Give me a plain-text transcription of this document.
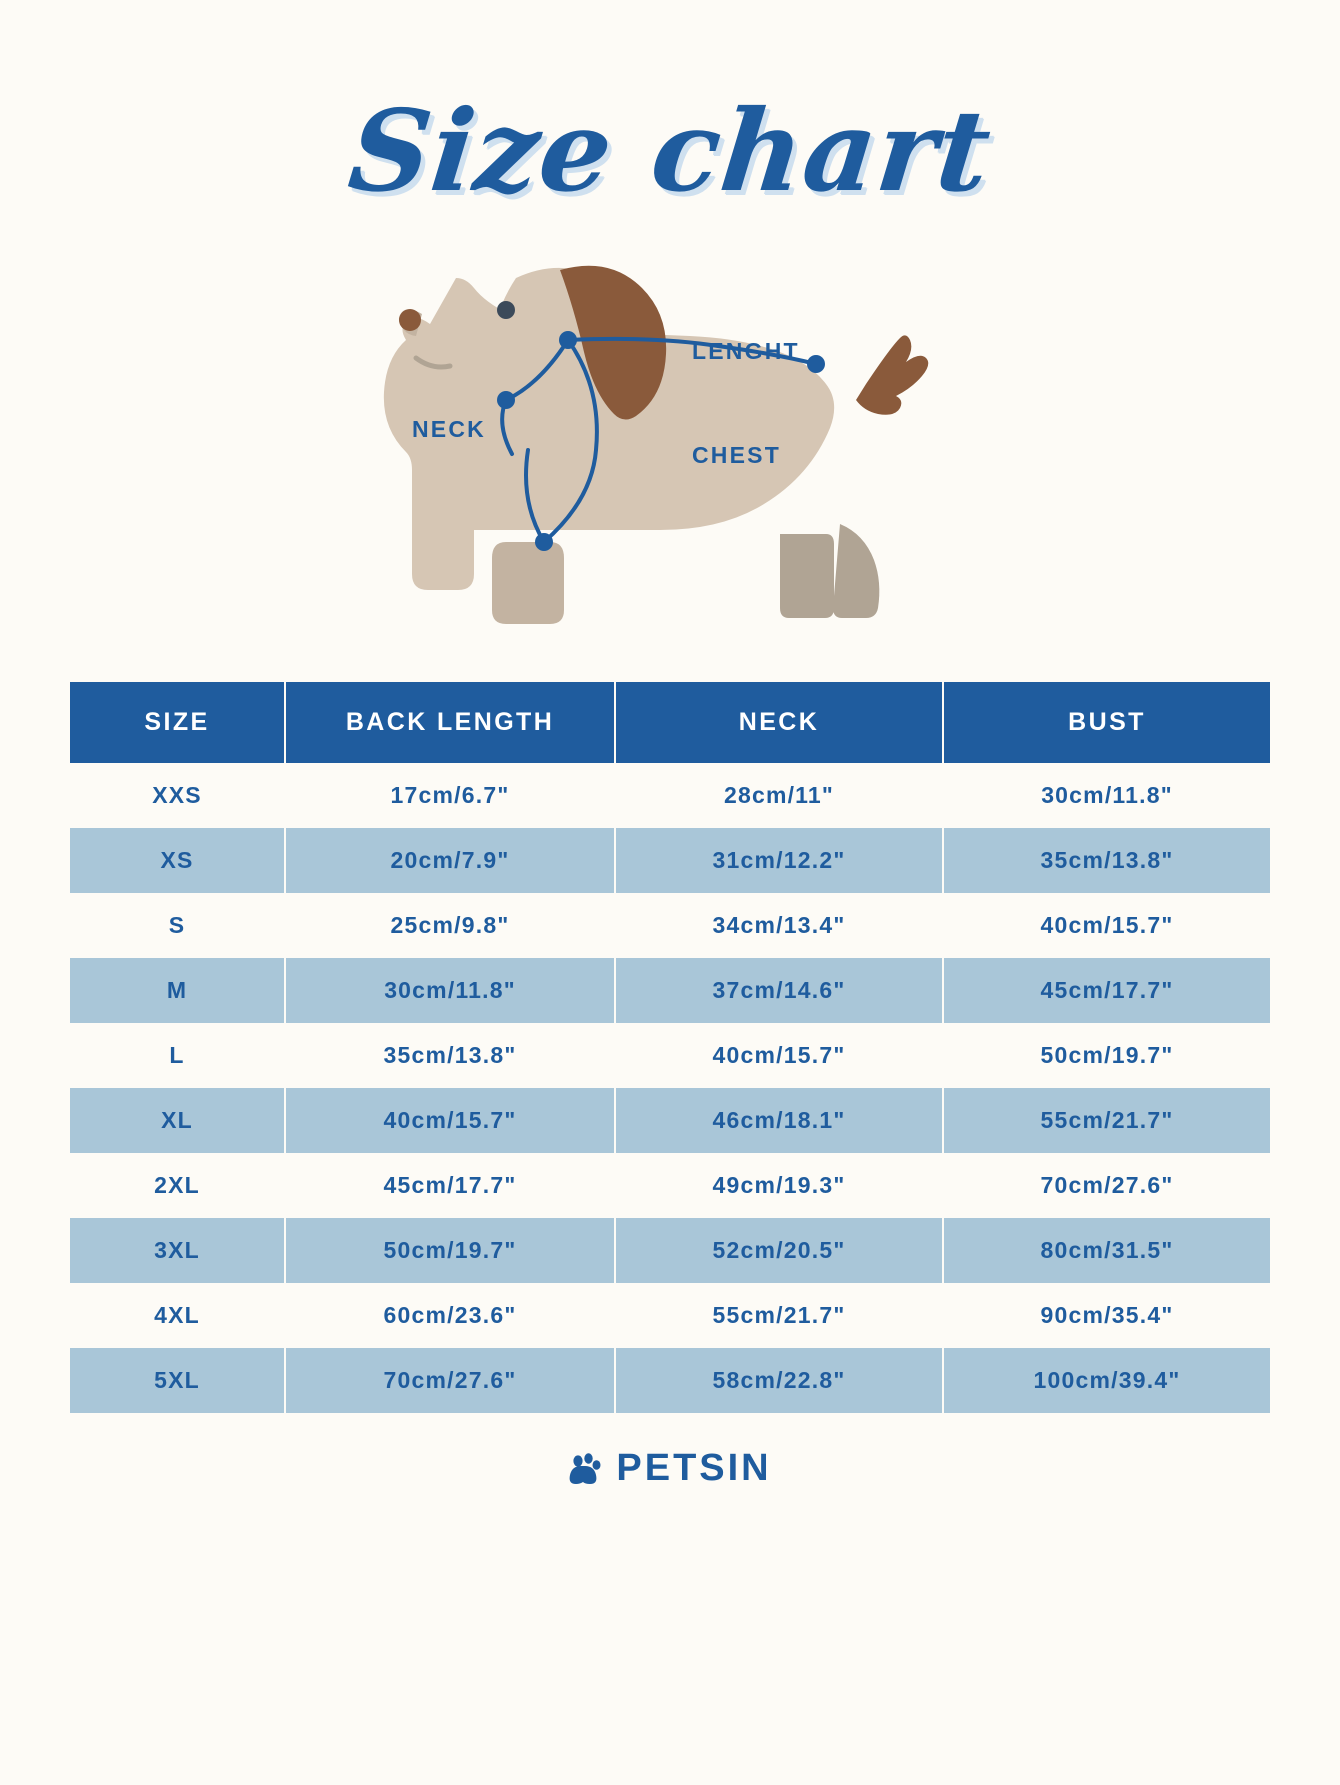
Size chart
LENGHT
NECK
CHEST
SIZE	BACK LENGTH	NECK	BUST
XXS	17cm/6.7"	28cm/11"	30cm/11.8"
XS	20cm/7.9"	31cm/12.2"	35cm/13.8"
S	25cm/9.8"	34cm/13.4"	40cm/15.7"
M	30cm/11.8"	37cm/14.6"	45cm/17.7"
L	35cm/13.8"	40cm/15.7"	50cm/19.7"
XL	40cm/15.7"	46cm/18.1"	55cm/21.7"
2XL	45cm/17.7"	49cm/19.3"	70cm/27.6"
3XL	50cm/19.7"	52cm/20.5"	80cm/31.5"
4XL	60cm/23.6"	55cm/21.7"	90cm/35.4"
5XL	70cm/27.6"	58cm/22.8"	100cm/39.4"
PETSIN
